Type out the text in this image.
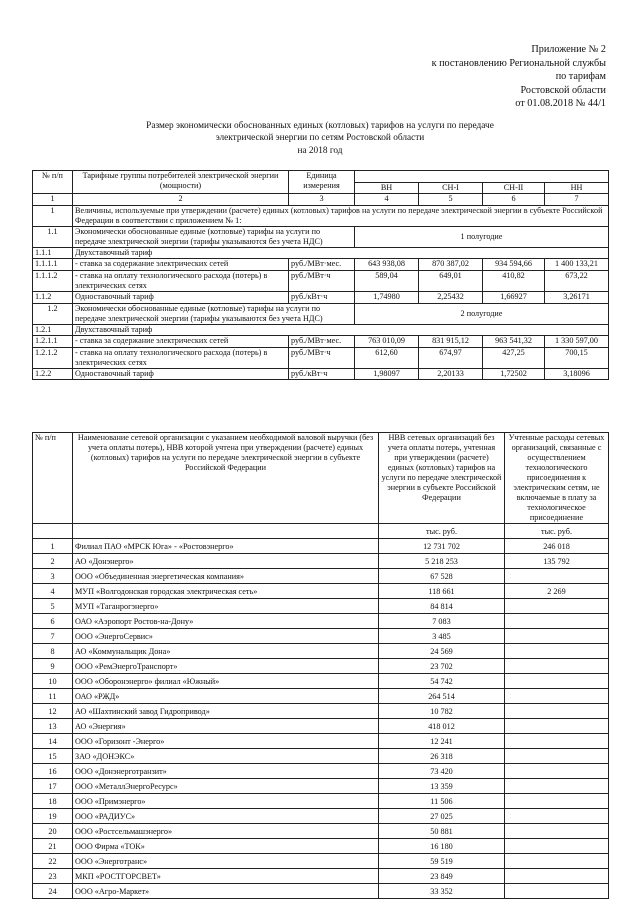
Приложение № 2
к постановлению Региональной службы
по тарифам
Ростовской области
от 01.08.2018 № 44/1
Размер экономически обоснованных единых (котловых) тарифов на услуги по передаче
электрической энергии по сетям Ростовской области
на 2018 год
№ п/п	Тарифные группы потребителей электрической энергии (мощности)	Единица измерения				
			ВН	СН-I	СН-II	НН
1	2	3	4	5	6	7
1	Величины, используемые при утверждении (расчете) единых (котловых) тарифов на услуги по передаче электрической энергии в субъекте Российской Федерации в соответствии с приложением № 1:					
1.1	Экономически обоснованные единые (котловые) тарифы на услуги по передаче электрической энергии (тарифы указываются без учета НДС)		1 полугодие			
1.1.1	Двухставочный тариф					
1.1.1.1	- ставка за содержание электрических сетей	руб./МВт·мес.	643 938,08	870 387,02	934 594,66	1 400 133,21
1.1.1.2	- ставка на оплату технологического расхода (потерь) в электрических сетях	руб./МВт·ч	589,04	649,01	410,82	673,22
1.1.2	Одноставочный тариф	руб./кВт·ч	1,74980	2,25432	1,66927	3,26171
1.2	Экономически обоснованные единые (котловые) тарифы на услуги по передаче электрической энергии (тарифы указываются без учета НДС)		2 полугодие			
1.2.1	Двухставочный тариф					
1.2.1.1	- ставка за содержание электрических сетей	руб./МВт·мес.	763 010,09	831 915,12	963 541,32	1 330 597,00
1.2.1.2	- ставка на оплату технологического расхода (потерь) в электрических сетях	руб./МВт·ч	612,60	674,97	427,25	700,15
1.2.2	Одноставочный тариф	руб./кВт·ч	1,98097	2,20133	1,72502	3,18096
№ п/п	Наименование сетевой организации с указанием необходимой валовой выручки (без учета оплаты потерь), НВВ которой учтена при утверждении (расчете) единых (котловых) тарифов на услуги по передаче электрической энергии в субъекте Российской Федерации	НВВ сетевых организаций без учета оплаты потерь, учтенная при утверждении (расчете) единых (котловых) тарифов на услуги по передаче электрической энергии в субъекте Российской Федерации	Учтенные расходы сетевых организаций, связанные с осуществлением технологического присоединения к электрическим сетям, не включаемые в плату за технологическое присоединение
		тыс. руб.	тыс. руб.
1	Филиал ПАО «МРСК Юга» - «Ростовэнерго»	12 731 702	246 018
2	АО «Донэнерго»	5 218 253	135 792
3	ООО «Объединенная энергетическая компания»	67 528	
4	МУП «Волгодонская городская электрическая сеть»	118 661	2 269
5	МУП «Таганрогэнерго»	84 814	
6	ОАО «Аэропорт Ростов-на-Дону»	7 083	
7	ООО «ЭнергоСервис»	3 485	
8	АО «Коммунальщик Дона»	24 569	
9	ООО «РемЭнергоТранспорт»	23 702	
10	ООО «Оборонэнерго» филиал «Южный»	54 742	
11	ОАО «РЖД»	264 514	
12	АО «Шахтинский завод Гидропривод»	10 782	
13	АО «Энергия»	418 012	
14	ООО «Горизонт -Энерго»	12 241	
15	ЗАО «ДОНЭКС»	26 318	
16	ООО «Донэнерготранзит»	73 420	
17	ООО «МеталлЭнергоРесурс»	13 359	
18	ООО «Примэнерго»	11 506	
19	ООО «РАДИУС»	27 025	
20	ООО «Ростсельмашэнерго»	50 881	
21	ООО Фирма «ТОК»	16 180	
22	ООО «Энерготранс»	59 519	
23	МКП «РОСТГОРСВЕТ»	23 849	
24	ООО «Агро-Маркет»	33 352	
